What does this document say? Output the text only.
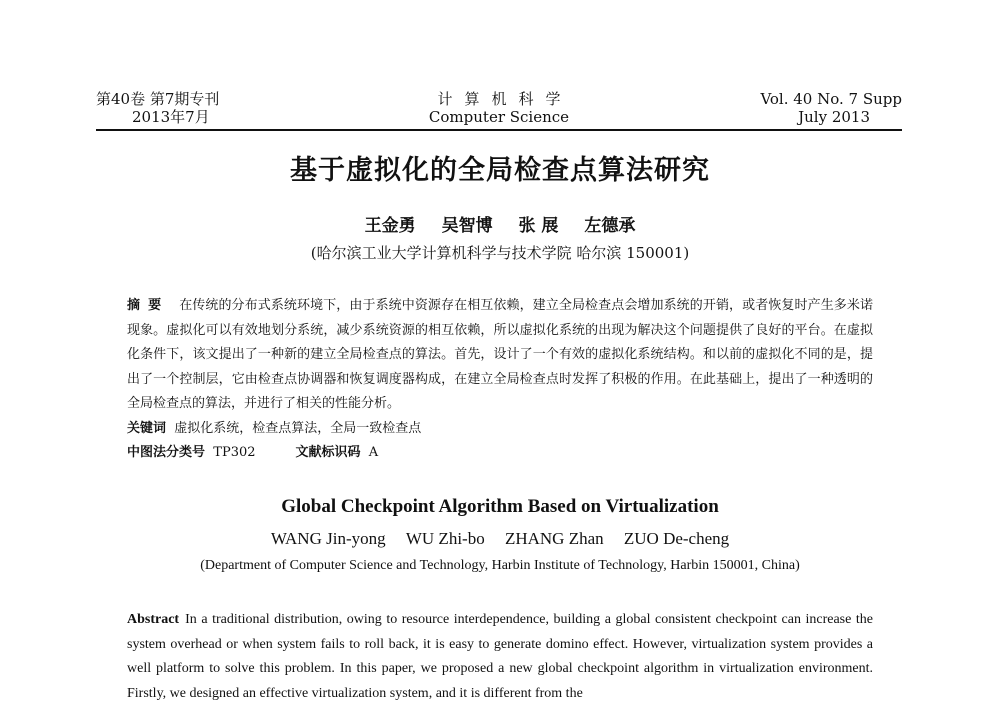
第40卷 第7期专刊
2013年7月
计算机科学
Computer Science
Vol. 40 No. 7 Supp
July 2013
基于虚拟化的全局检查点算法研究
王金勇 吴智博 张 展 左德承
(哈尔滨工业大学计算机科学与技术学院 哈尔滨 150001)

摘要 在传统的分布式系统环境下，由于系统中资源存在相互依赖，建立全局检查点会增加系统的开销，或者恢复时产生多米诺现象。虚拟化可以有效地划分系统，减少系统资源的相互依赖，所以虚拟化系统的出现为解决这个问题提供了良好的平台。在虚拟化条件下，该文提出了一种新的建立全局检查点的算法。首先，设计了一个有效的虚拟化系统结构。和以前的虚拟化不同的是，提出了一个控制层，它由检查点协调器和恢复调度器构成，在建立全局检查点时发挥了积极的作用。在此基础上，提出了一种透明的全局检查点的算法，并进行了相关的性能分析。

关键词 虚拟化系统，检查点算法，全局一致检查点

中图法分类号 TP302	文献标识码 A

Global Checkpoint Algorithm Based on Virtualization
WANG Jin-yong WU Zhi-bo ZHANG Zhan ZUO De-cheng
(Department of Computer Science and Technology, Harbin Institute of Technology, Harbin 150001, China)
Abstract In a traditional distribution, owing to resource interdependence, building a global consistent checkpoint can increase the system overhead or when system fails to roll back, it is easy to generate domino effect. However, virtualization system provides a well platform to solve this problem. In this paper, we proposed a new global checkpoint algorithm in virtualization environment. Firstly, we designed an effective virtualization system, and it is different from the
